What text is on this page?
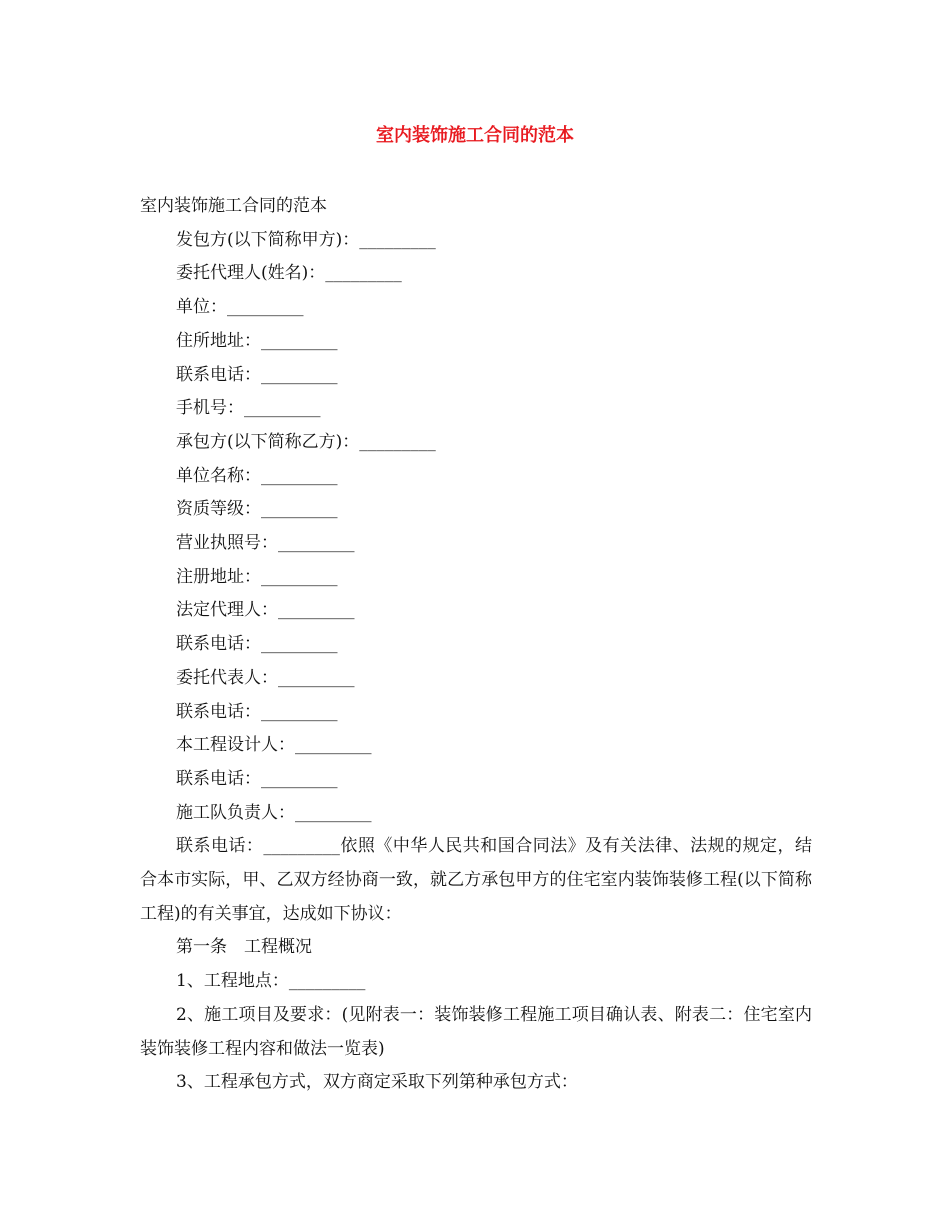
室内装饰施工合同的范本

室内装饰施工合同的范本

发包方(以下简称甲方)：_________

委托代理人(姓名)：_________

单位：_________

住所地址：_________

联系电话：_________

手机号：_________

承包方(以下简称乙方)：_________

单位名称：_________

资质等级：_________

营业执照号：_________

注册地址：_________

法定代理人：_________

联系电话：_________

委托代表人：_________

联系电话：_________

本工程设计人：_________

联系电话：_________

施工队负责人：_________

联系电话：_________依照《中华人民共和国合同法》及有关法律、法规的规定，结合本市实际，甲、乙双方经协商一致，就乙方承包甲方的住宅室内装饰装修工程(以下简称工程)的有关事宜，达成如下协议：

第一条　工程概况

1、工程地点：_________

2、施工项目及要求：(见附表一：装饰装修工程施工项目确认表、附表二：住宅室内装饰装修工程内容和做法一览表)

3、工程承包方式，双方商定采取下列第种承包方式：
